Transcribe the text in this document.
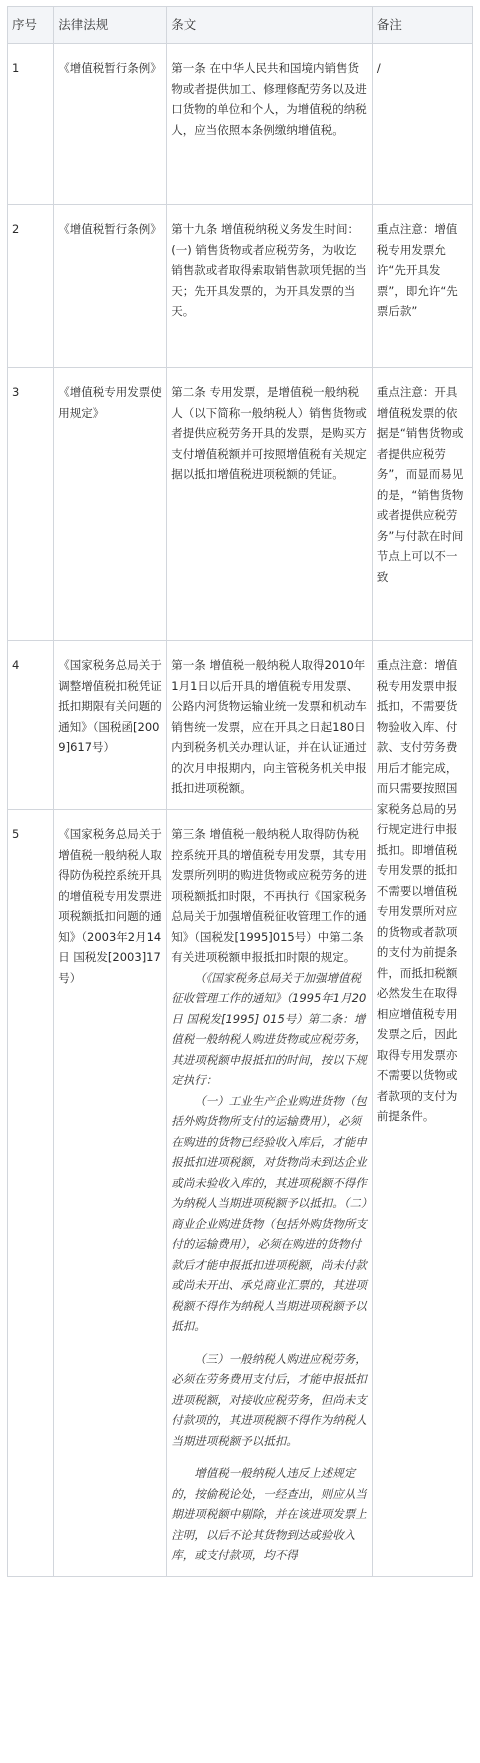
序号	法律法规	条文	备注

1	《增值税暂行条例》	第一条 在中华人民共和国境内销售货物或者提供加工、修理修配劳务以及进口货物的单位和个人，为增值税的纳税人，应当依照本条例缴纳增值税。	/

2	《增值税暂行条例》	第十九条 增值税纳税义务发生时间：(一) 销售货物或者应税劳务，为收讫销售款或者取得索取销售款项凭据的当天；先开具发票的，为开具发票的当天。	重点注意：增值税专用发票允许“先开具发票”，即允许“先票后款”

3	《增值税专用发票使用规定》	第二条 专用发票，是增值税一般纳税人（以下简称一般纳税人）销售货物或者提供应税劳务开具的发票，是购买方支付增值税额并可按照增值税有关规定据以抵扣增值税进项税额的凭证。	重点注意：开具增值税发票的依据是“销售货物或者提供应税劳务”，而显而易见的是，“销售货物或者提供应税劳务”与付款在时间节点上可以不一致

4	《国家税务总局关于调整增值税扣税凭证抵扣期限有关问题的通知》（国税函[2009]617号）	第一条 增值税一般纳税人取得2010年1月1日以后开具的增值税专用发票、公路内河货物运输业统一发票和机动车销售统一发票，应在开具之日起180日内到税务机关办理认证，并在认证通过的次月申报期内，向主管税务机关申报抵扣进项税额。	重点注意：增值税专用发票申报抵扣，不需要货物验收入库、付款、支付劳务费用后才能完成，而只需要按照国家税务总局的另行规定进行申报抵扣。即增值税专用发票的抵扣不需要以增值税专用发票所对应的货物或者款项的支付为前提条件，而抵扣税额必然发生在取得相应增值税专用发票之后，因此取得专用发票亦不需要以货物或者款项的支付为前提条件。

5	《国家税务总局关于增值税一般纳税人取得防伪税控系统开具的增值税专用发票进项税额抵扣问题的通知》（2003年2月14日 国税发[2003]17号）	第三条 增值税一般纳税人取得防伪税控系统开具的增值税专用发票，其专用发票所列明的购进货物或应税劳务的进项税额抵扣时限，不再执行《国家税务总局关于加强增值税征收管理工作的通知》（国税发[1995]015号）中第二条有关进项税额申报抵扣时限的规定。

（《国家税务总局关于加强增值税征收管理工作的通知》（1995年1月20日 国税发[1995] 015号）第二条：增值税一般纳税人购进货物或应税劳务，其进项税额申报抵扣的时间，按以下规定执行：

（一）工业生产企业购进货物（包括外购货物所支付的运输费用），必须在购进的货物已经验收入库后，才能申报抵扣进项税额，对货物尚未到达企业或尚未验收入库的，其进项税额不得作为纳税人当期进项税额予以抵扣。（二）商业企业购进货物（包括外购货物所支付的运输费用），必须在购进的货物付款后才能申报抵扣进项税额，尚未付款或尚未开出、承兑商业汇票的，其进项税额不得作为纳税人当期进项税额予以抵扣。

（三）一般纳税人购进应税劳务，必须在劳务费用支付后，才能申报抵扣进项税额，对接收应税劳务，但尚未支付款项的，其进项税额不得作为纳税人当期进项税额予以抵扣。

增值税一般纳税人违反上述规定的，按偷税论处，一经查出，则应从当期进项税额中剔除，并在该进项发票上注明，以后不论其货物到达或验收入库，或支付款项，均不得	
